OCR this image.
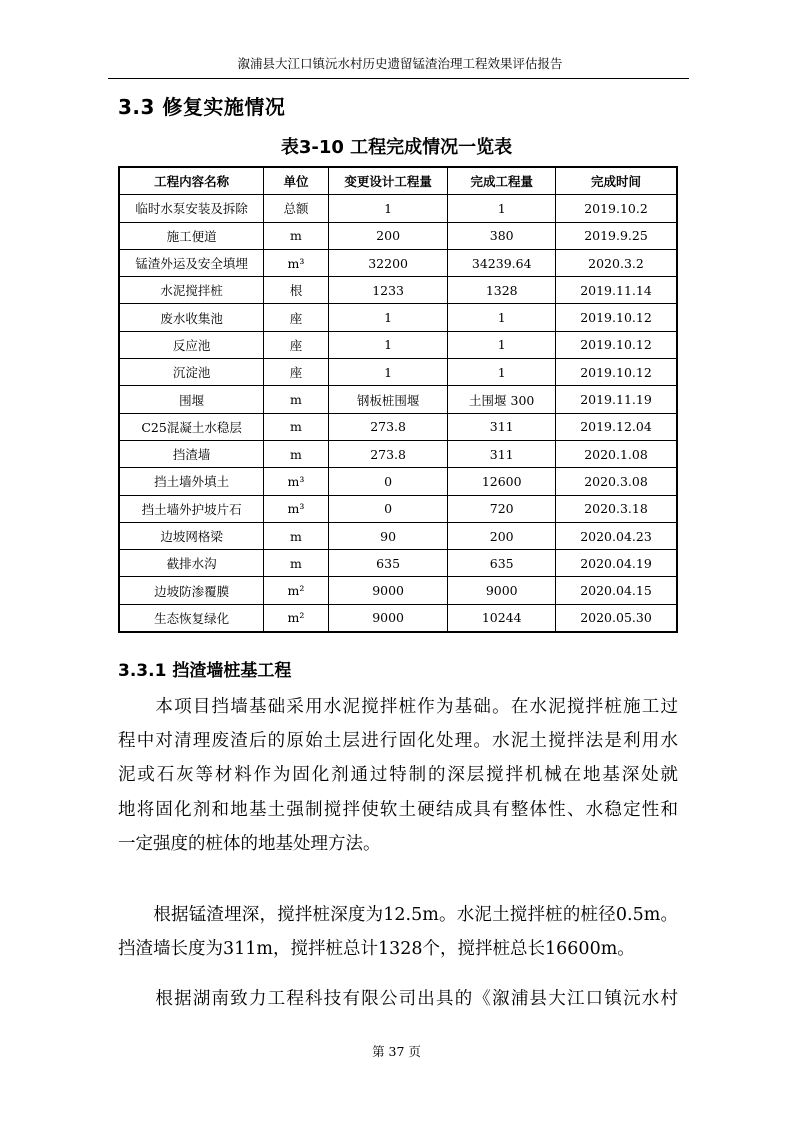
溆浦县大江口镇沅水村历史遗留锰渣治理工程效果评估报告
3.3 修复实施情况
表3-10 工程完成情况一览表
工程内容名称	单位	变更设计工程量	完成工程量	完成时间
临时水泵安装及拆除	总额	1	1	2019.10.2
施工便道	m	200	380	2019.9.25
锰渣外运及安全填埋	m³	32200	34239.64	2020.3.2
水泥搅拌桩	根	1233	1328	2019.11.14
废水收集池	座	1	1	2019.10.12
反应池	座	1	1	2019.10.12
沉淀池	座	1	1	2019.10.12
围堰	m	钢板桩围堰	土围堰 300	2019.11.19
C25混凝土水稳层	m	273.8	311	2019.12.04
挡渣墙	m	273.8	311	2020.1.08
挡土墙外填土	m³	0	12600	2020.3.08
挡土墙外护坡片石	m³	0	720	2020.3.18
边坡网格梁	m	90	200	2020.04.23
截排水沟	m	635	635	2020.04.19
边坡防渗覆膜	m²	9000	9000	2020.04.15
生态恢复绿化	m²	9000	10244	2020.05.30
3.3.1 挡渣墙桩基工程
　　本项目挡墙基础采用水泥搅拌桩作为基础。在水泥搅拌桩施工过
程中对清理废渣后的原始土层进行固化处理。水泥土搅拌法是利用水
泥或石灰等材料作为固化剂通过特制的深层搅拌机械在地基深处就
地将固化剂和地基土强制搅拌使软土硬结成具有整体性、水稳定性和
一定强度的桩体的地基处理方法。
　　根据锰渣埋深，搅拌桩深度为12.5m。水泥土搅拌桩的桩径0.5m。
挡渣墙长度为311m，搅拌桩总计1328个，搅拌桩总长16600m。
　　根据湖南致力工程科技有限公司出具的《溆浦县大江口镇沅水村
第 37 页
